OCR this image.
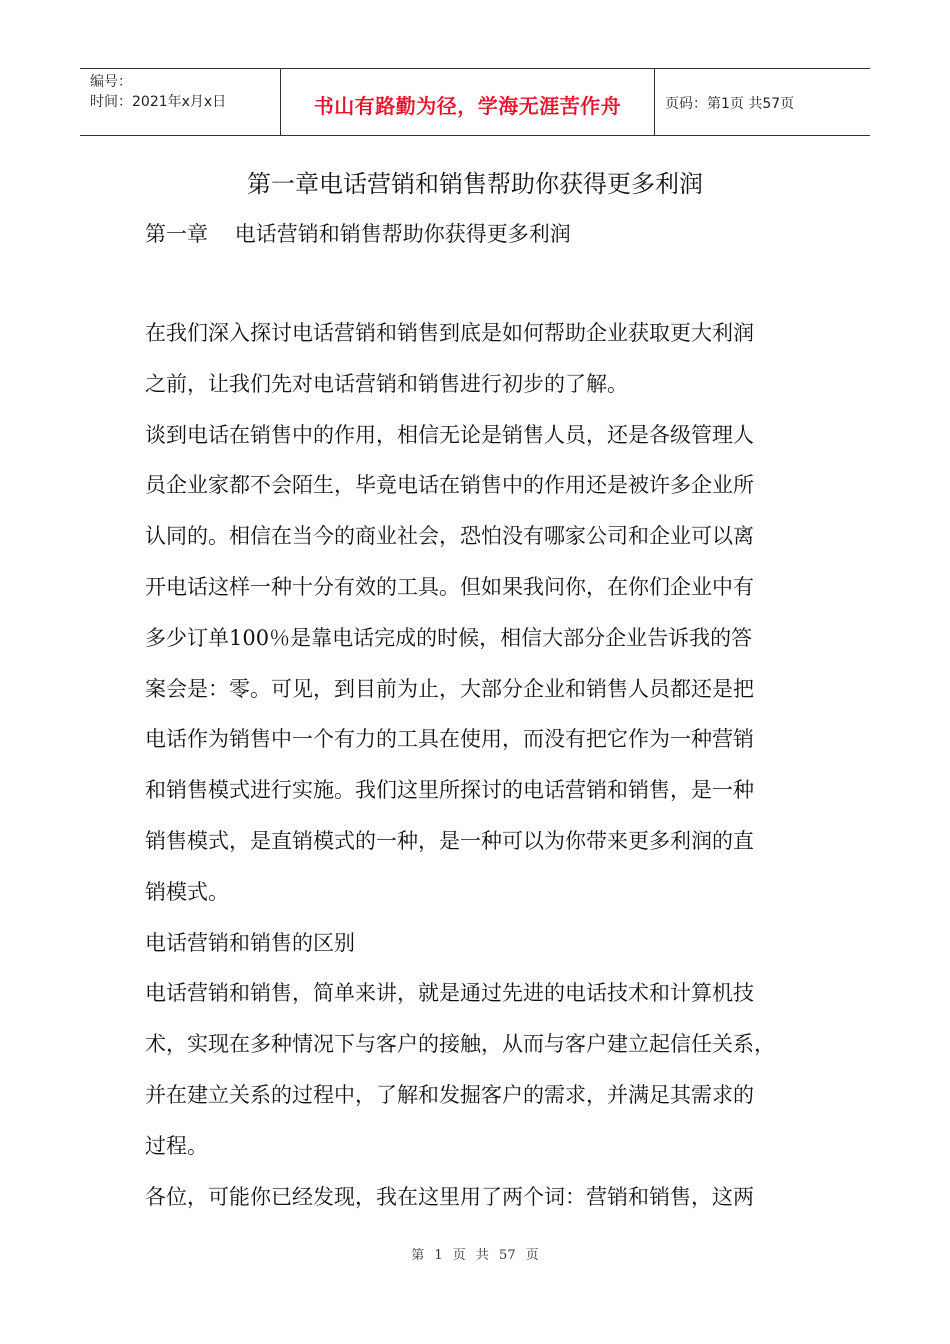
编号：
时间：2021年x月x日	书山有路勤为径，学海无涯苦作舟	页码：第1页 共57页
第一章电话营销和销售帮助你获得更多利润
第一章    电话营销和销售帮助你获得更多利润
在我们深入探讨电话营销和销售到底是如何帮助企业获取更大利润
之前，让我们先对电话营销和销售进行初步的了解。
谈到电话在销售中的作用，相信无论是销售人员，还是各级管理人
员企业家都不会陌生，毕竟电话在销售中的作用还是被许多企业所
认同的。相信在当今的商业社会，恐怕没有哪家公司和企业可以离
开电话这样一种十分有效的工具。但如果我问你，在你们企业中有
多少订单100％是靠电话完成的时候，相信大部分企业告诉我的答
案会是：零。可见，到目前为止，大部分企业和销售人员都还是把
电话作为销售中一个有力的工具在使用，而没有把它作为一种营销
和销售模式进行实施。我们这里所探讨的电话营销和销售，是一种
销售模式，是直销模式的一种，是一种可以为你带来更多利润的直
销模式。
电话营销和销售的区别
电话营销和销售，简单来讲，就是通过先进的电话技术和计算机技
术，实现在多种情况下与客户的接触，从而与客户建立起信任关系，
并在建立关系的过程中，了解和发掘客户的需求，并满足其需求的
过程。
各位，可能你已经发现，我在这里用了两个词：营销和销售，这两
第 1 页 共 57 页
